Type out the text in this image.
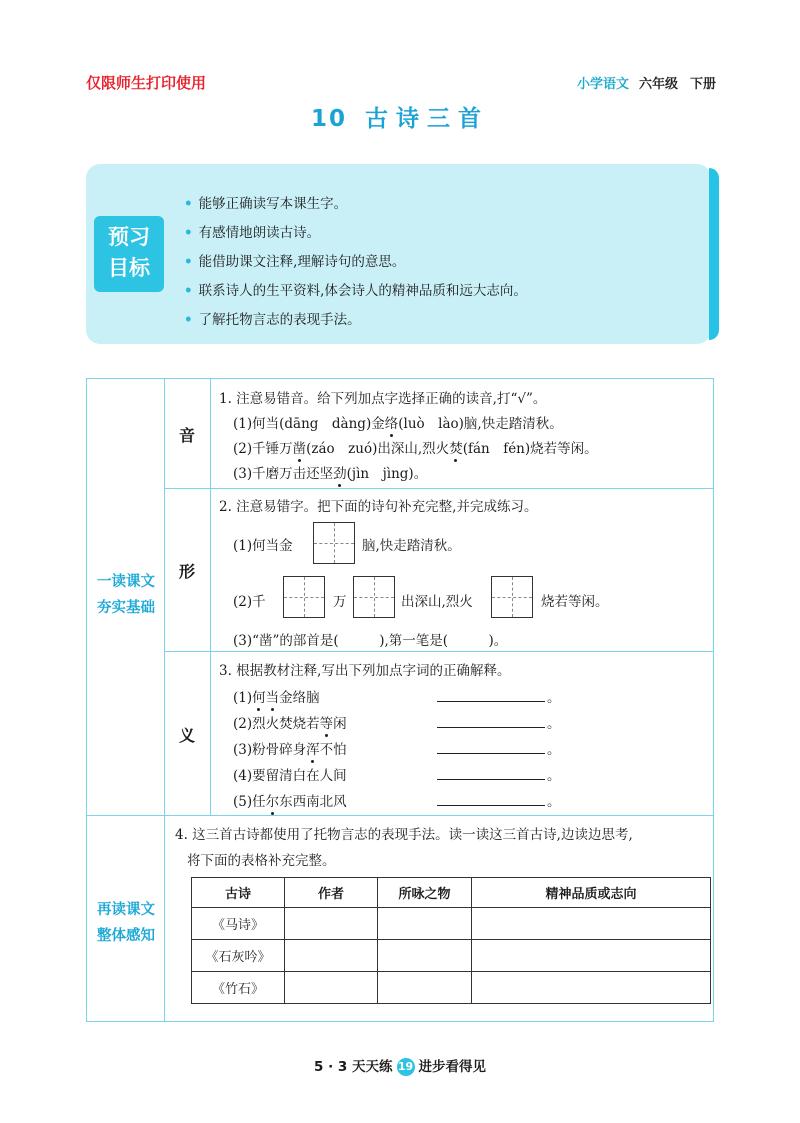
仅限师生打印使用	小学语文 六年级 下册
10 古诗三首
预习
目标
• 能够正确读写本课生字。
• 有感情地朗读古诗。
• 能借助课文注释,理解诗句的意思。
• 联系诗人的生平资料,体会诗人的精神品质和远大志向。
• 了解托物言志的表现手法。
一读课文
夯实基础
再读课文
整体感知
音
形
义
1. 注意易错音。给下列加点字选择正确的读音,打“√”。
(1)何当(dāng　dàng)金络(luò　lào)脑,快走踏清秋。
(2)千锤万凿(záo　zuó)出深山,烈火焚(fán　fén)烧若等闲。
(3)千磨万击还坚劲(jìn　jìng)。
2. 注意易错字。把下面的诗句补充完整,并完成练习。
(1)何当金	脑,快走踏清秋。
(2)千	万	出深山,烈火	烧若等闲。
(3)“凿”的部首是(　　　),第一笔是(　　　)。
3. 根据教材注释,写出下列加点字词的正确解释。
(1)何当金络脑	。
(2)烈火焚烧若等闲	。
(3)粉骨碎身浑不怕	。
(4)要留清白在人间	。
(5)任尔东西南北风	。
4. 这三首古诗都使用了托物言志的表现手法。读一读这三首古诗,边读边思考,
将下面的表格补充完整。
古诗	作者	所咏之物	精神品质或志向
《马诗》			
《石灰吟》			
《竹石》			
5 · 3 天天练 19 进步看得见
